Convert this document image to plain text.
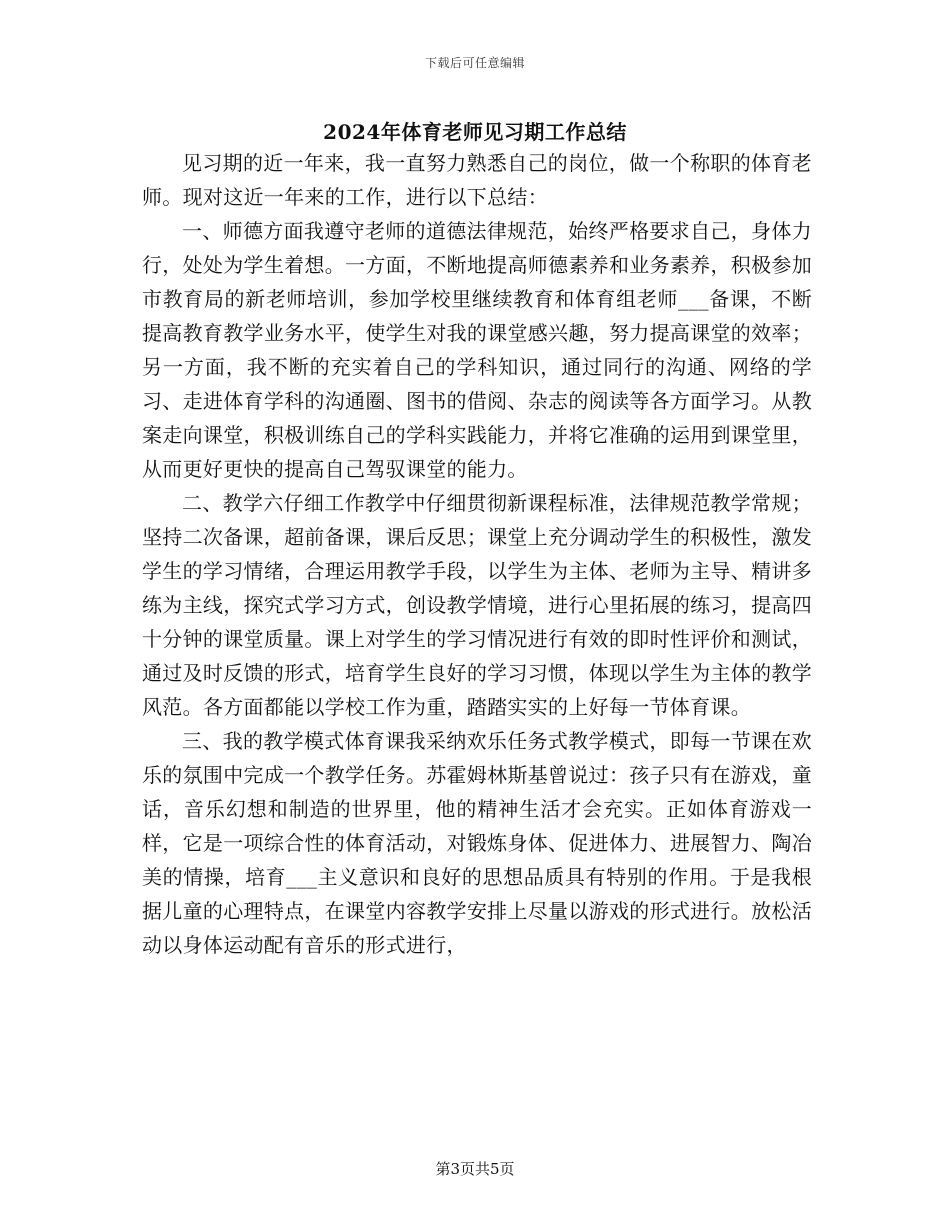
下载后可任意编辑
2024年体育老师见习期工作总结

见习期的近一年来，我一直努力熟悉自己的岗位，做一个称职的体育老师。现对这近一年来的工作，进行以下总结：

一、师德方面我遵守老师的道德法律规范，始终严格要求自己，身体力行，处处为学生着想。一方面，不断地提高师德素养和业务素养，积极参加市教育局的新老师培训，参加学校里继续教育和体育组老师___备课，不断提高教育教学业务水平，使学生对我的课堂感兴趣，努力提高课堂的效率；另一方面，我不断的充实着自己的学科知识，通过同行的沟通、网络的学习、走进体育学科的沟通圈、图书的借阅、杂志的阅读等各方面学习。从教案走向课堂，积极训练自己的学科实践能力，并将它准确的运用到课堂里，从而更好更快的提高自己驾驭课堂的能力。

二、教学六仔细工作教学中仔细贯彻新课程标准，法律规范教学常规；坚持二次备课，超前备课，课后反思；课堂上充分调动学生的积极性，激发学生的学习情绪，合理运用教学手段，以学生为主体、老师为主导、精讲多练为主线，探究式学习方式，创设教学情境，进行心里拓展的练习，提高四十分钟的课堂质量。课上对学生的学习情况进行有效的即时性评价和测试，通过及时反馈的形式，培育学生良好的学习习惯，体现以学生为主体的教学风范。各方面都能以学校工作为重，踏踏实实的上好每一节体育课。

三、我的教学模式体育课我采纳欢乐任务式教学模式，即每一节课在欢乐的氛围中完成一个教学任务。苏霍姆林斯基曾说过：孩子只有在游戏，童话，音乐幻想和制造的世界里，他的精神生活才会充实。正如体育游戏一样，它是一项综合性的体育活动，对锻炼身体、促进体力、进展智力、陶冶美的情操，培育___主义意识和良好的思想品质具有特别的作用。于是我根据儿童的心理特点，在课堂内容教学安排上尽量以游戏的形式进行。放松活动以身体运动配有音乐的形式进行，

第3页共5页
